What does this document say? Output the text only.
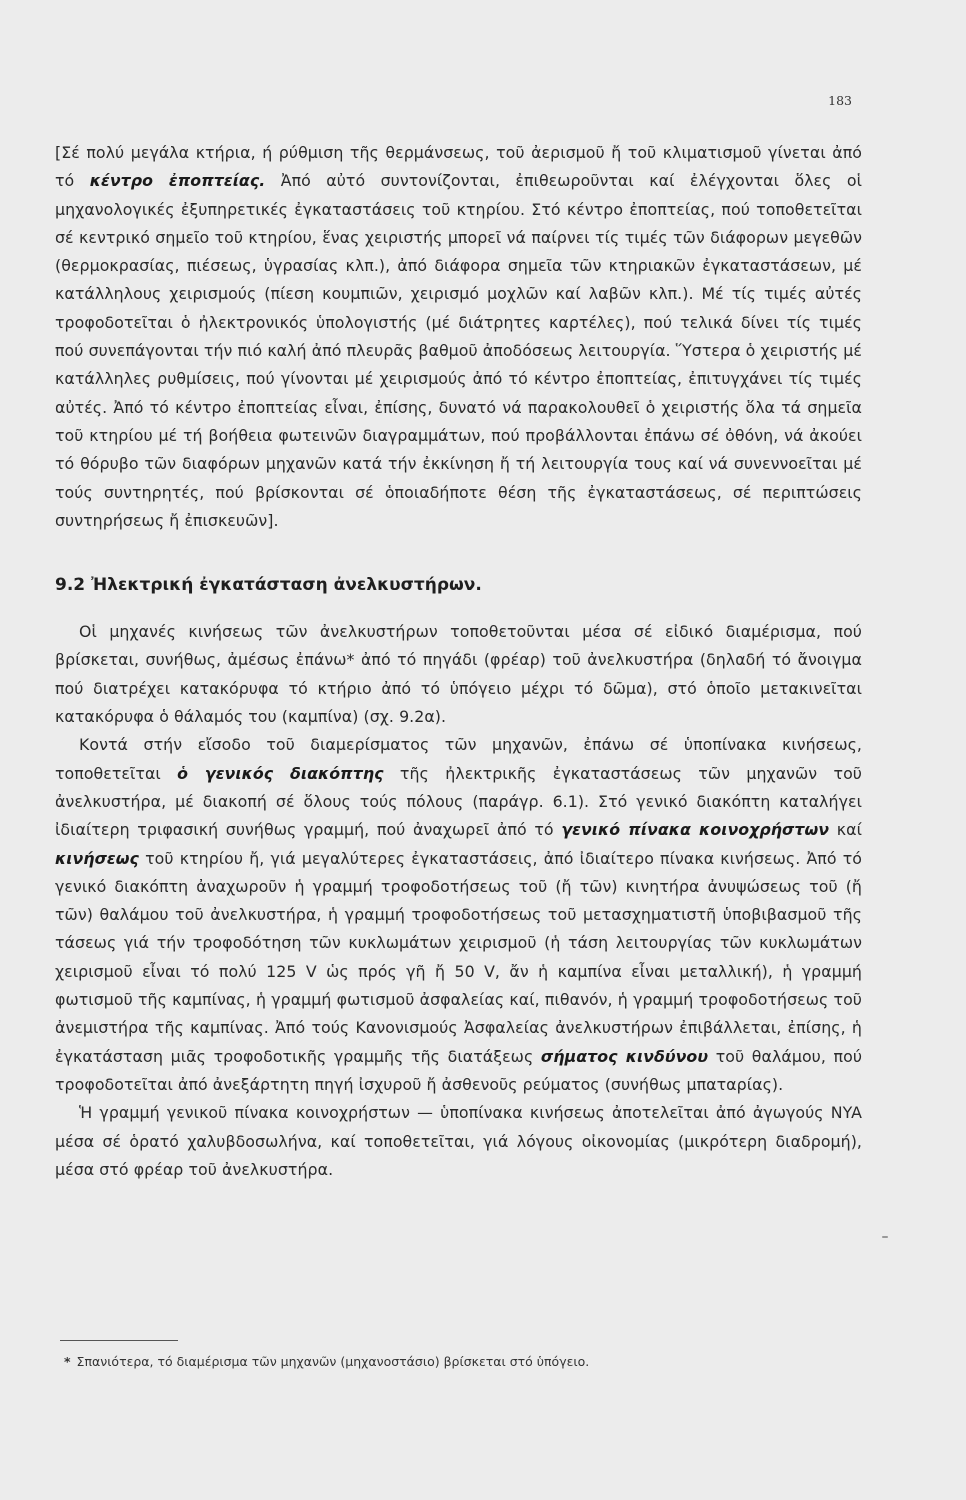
183

[Σέ πολύ μεγάλα κτήρια, ή ρύθμιση τῆς θερμάνσεως, τοῦ ἀερισμοῦ ἤ τοῦ κλιματισμοῦ γίνεται ἀπό τό κέντρο ἐποπτείας. Ἀπό αὐτό συντονίζονται, ἐπιθεωροῦνται καί ἐλέγχονται ὅλες οἱ μηχανολογικές ἐξυπηρετικές ἐγκαταστάσεις τοῦ κτηρίου. Στό κέντρο ἐποπτείας, πού τοποθετεῖται σέ κεντρικό σημεῖο τοῦ κτηρίου, ἕνας χειριστής μπορεῖ νά παίρνει τίς τιμές τῶν διάφορων μεγεθῶν (θερμοκρασίας, πιέσεως, ὑγρασίας κλπ.), ἀπό διάφορα σημεῖα τῶν κτηριακῶν ἐγκαταστάσεων, μέ κατάλληλους χειρισμούς (πίεση κουμπιῶν, χειρισμό μοχλῶν καί λαβῶν κλπ.). Μέ τίς τιμές αὐτές τροφοδοτεῖται ὁ ἠλεκτρονικός ὑπολογιστής (μέ διάτρητες καρτέλες), πού τελικά δίνει τίς τιμές πού συνεπάγονται τήν πιό καλή ἀπό πλευρᾶς βαθμοῦ ἀποδόσεως λειτουργία. Ὕστερα ὁ χειριστής μέ κατάλληλες ρυθμίσεις, πού γίνονται μέ χειρισμούς ἀπό τό κέντρο ἐποπτείας, ἐπιτυγχάνει τίς τιμές αὐτές. Ἀπό τό κέντρο ἐποπτείας εἶναι, ἐπίσης, δυνατό νά παρακολουθεῖ ὁ χειριστής ὅλα τά σημεῖα τοῦ κτηρίου μέ τή βοήθεια φωτεινῶν διαγραμμάτων, πού προβάλλονται ἐπάνω σέ ὀθόνη, νά ἀκούει τό θόρυβο τῶν διαφόρων μηχανῶν κατά τήν ἐκκίνηση ἤ τή λειτουργία τους καί νά συνεννοεῖται μέ τούς συντηρητές, πού βρίσκονται σέ ὁποιαδήποτε θέση τῆς ἐγκαταστάσεως, σέ περιπτώσεις συντηρήσεως ἤ ἐπισκευῶν].

9.2 Ἠλεκτρική ἐγκατάσταση ἀνελκυστήρων.

Οἱ μηχανές κινήσεως τῶν ἀνελκυστήρων τοποθετοῦνται μέσα σέ εἰδικό διαμέρισμα, πού βρίσκεται, συνήθως, ἀμέσως ἐπάνω* ἀπό τό πηγάδι (φρέαρ) τοῦ ἀνελκυστήρα (δηλαδή τό ἄνοιγμα πού διατρέχει κατακόρυφα τό κτήριο ἀπό τό ὑπόγειο μέχρι τό δῶμα), στό ὁποῖο μετακινεῖται κατακόρυφα ὁ θάλαμός του (καμπίνα) (σχ. 9.2α).

Κοντά στήν εἴσοδο τοῦ διαμερίσματος τῶν μηχανῶν, ἐπάνω σέ ὑποπίνακα κινήσεως, τοποθετεῖται ὁ γενικός διακόπτης τῆς ἠλεκτρικῆς ἐγκαταστάσεως τῶν μηχανῶν τοῦ ἀνελκυστήρα, μέ διακοπή σέ ὅλους τούς πόλους (παράγρ. 6.1). Στό γενικό διακόπτη καταλήγει ἰδιαίτερη τριφασική συνήθως γραμμή, πού ἀναχωρεῖ ἀπό τό γενικό πίνακα κοινοχρήστων καί κινήσεως τοῦ κτηρίου ἤ, γιά μεγαλύτερες ἐγκαταστάσεις, ἀπό ἰδιαίτερο πίνακα κινήσεως. Ἀπό τό γενικό διακόπτη ἀναχωροῦν ἡ γραμμή τροφοδοτήσεως τοῦ (ἤ τῶν) κινητήρα ἀνυψώσεως τοῦ (ἤ τῶν) θαλάμου τοῦ ἀνελκυστήρα, ἡ γραμμή τροφοδοτήσεως τοῦ μετασχηματιστῆ ὑποβιβασμοῦ τῆς τάσεως γιά τήν τροφοδότηση τῶν κυκλωμάτων χειρισμοῦ (ἡ τάση λειτουργίας τῶν κυκλωμάτων χειρισμοῦ εἶναι τό πολύ 125 V ὡς πρός γῆ ἤ 50 V, ἄν ἡ καμπίνα εἶναι μεταλλική), ἡ γραμμή φωτισμοῦ τῆς καμπίνας, ἡ γραμμή φωτισμοῦ ἀσφαλείας καί, πιθανόν, ἡ γραμμή τροφοδοτήσεως τοῦ ἀνεμιστήρα τῆς καμπίνας. Ἀπό τούς Κανονισμούς Ἀσφαλείας ἀνελκυστήρων ἐπιβάλλεται, ἐπίσης, ἡ ἐγκατάσταση μιᾶς τροφοδοτικῆς γραμμῆς τῆς διατάξεως σήματος κινδύνου τοῦ θαλάμου, πού τροφοδοτεῖται ἀπό ἀνεξάρτητη πηγή ἰσχυροῦ ἤ ἀσθενοῦς ρεύματος (συνήθως μπαταρίας).

Ἡ γραμμή γενικοῦ πίνακα κοινοχρήστων — ὑποπίνακα κινήσεως ἀποτελεῖται ἀπό ἀγωγούς NYA μέσα σέ ὁρατό χαλυβδοσωλήνα, καί τοποθετεῖται, γιά λόγους οἰκονομίας (μικρότερη διαδρομή), μέσα στό φρέαρ τοῦ ἀνελκυστήρα.

* Σπανιότερα, τό διαμέρισμα τῶν μηχανῶν (μηχανοστάσιο) βρίσκεται στό ὑπόγειο.
